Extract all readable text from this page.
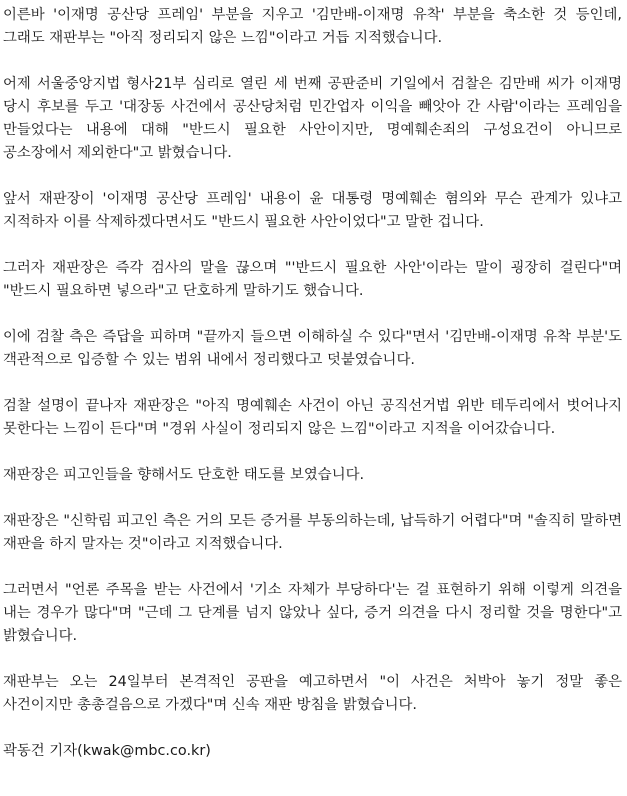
이른바 '이재명 공산당 프레임' 부분을 지우고 '김만배-이재명 유착' 부분을 축소한 것 등인데, 그래도 재판부는 "아직 정리되지 않은 느낌"이라고 거듭 지적했습니다.

어제 서울중앙지법 형사21부 심리로 열린 세 번째 공판준비 기일에서 검찰은 김만배 씨가 이재명 당시 후보를 두고 '대장동 사건에서 공산당처럼 민간업자 이익을 빼앗아 간 사람'이라는 프레임을 만들었다는 내용에 대해 "반드시 필요한 사안이지만, 명예훼손죄의 구성요건이 아니므로 공소장에서 제외한다"고 밝혔습니다.

앞서 재판장이 '이재명 공산당 프레임' 내용이 윤 대통령 명예훼손 혐의와 무슨 관계가 있냐고 지적하자 이를 삭제하겠다면서도 "반드시 필요한 사안이었다"고 말한 겁니다.

그러자 재판장은 즉각 검사의 말을 끊으며 "'반드시 필요한 사안'이라는 말이 굉장히 걸린다"며 "반드시 필요하면 넣으라"고 단호하게 말하기도 했습니다.

이에 검찰 측은 즉답을 피하며 "끝까지 들으면 이해하실 수 있다"면서 '김만배-이재명 유착 부분'도 객관적으로 입증할 수 있는 범위 내에서 정리했다고 덧붙였습니다.

검찰 설명이 끝나자 재판장은 "아직 명예훼손 사건이 아닌 공직선거법 위반 테두리에서 벗어나지 못한다는 느낌이 든다"며 "경위 사실이 정리되지 않은 느낌"이라고 지적을 이어갔습니다.

재판장은 피고인들을 향해서도 단호한 태도를 보였습니다.

재판장은 "신학림 피고인 측은 거의 모든 증거를 부동의하는데, 납득하기 어렵다"며 "솔직히 말하면 재판을 하지 말자는 것"이라고 지적했습니다.

그러면서 "언론 주목을 받는 사건에서 '기소 자체가 부당하다'는 걸 표현하기 위해 이렇게 의견을 내는 경우가 많다"며 "근데 그 단계를 넘지 않았나 싶다, 증거 의견을 다시 정리할 것을 명한다"고 밝혔습니다.

재판부는 오는 24일부터 본격적인 공판을 예고하면서 "이 사건은 처박아 놓기 정말 좋은 사건이지만 총총걸음으로 가겠다"며 신속 재판 방침을 밝혔습니다.

곽동건 기자(kwak@mbc.co.kr)
